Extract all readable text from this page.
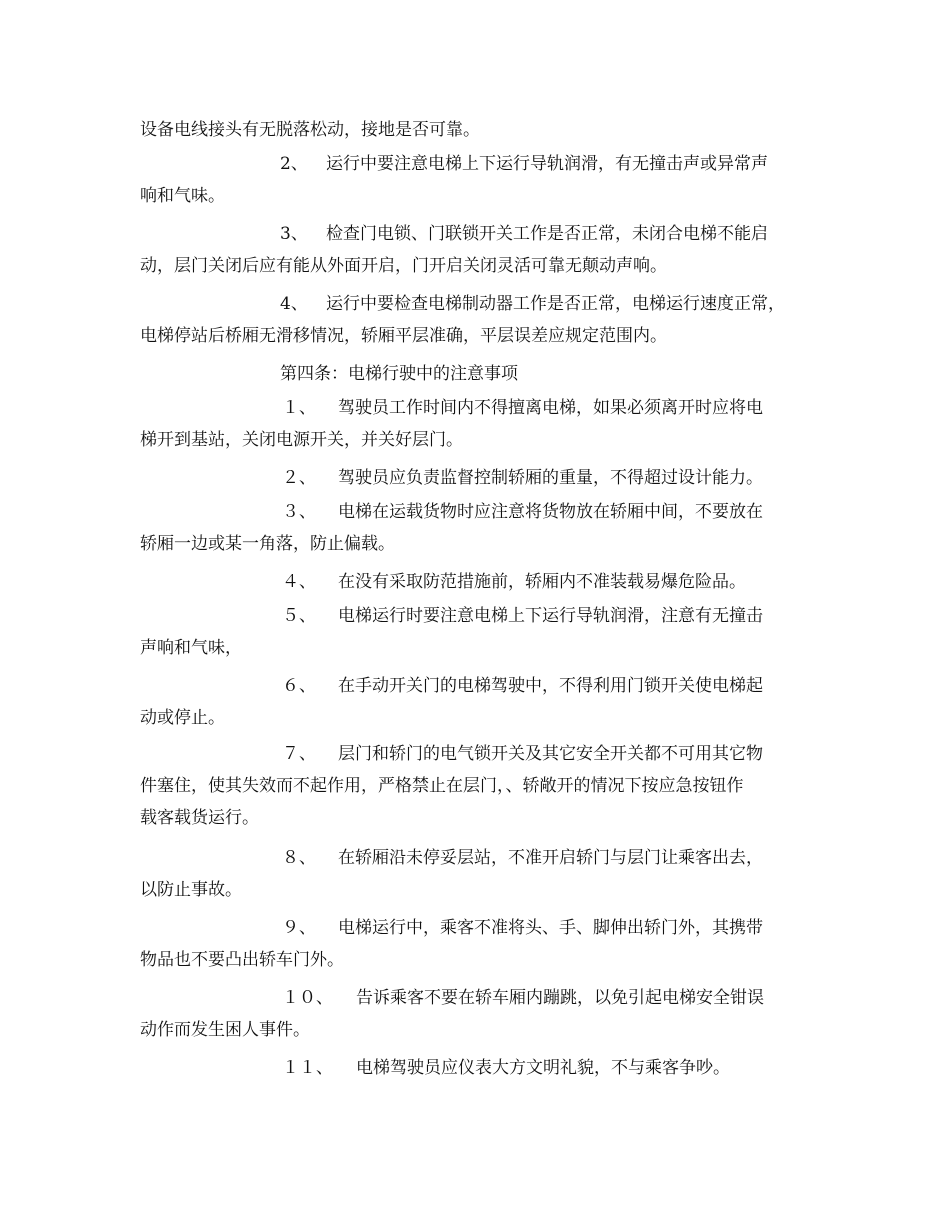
设备电线接头有无脱落松动，接地是否可靠。

2、 运行中要注意电梯上下运行导轨润滑，有无撞击声或异常声
响和气味。

3、 检查门电锁、门联锁开关工作是否正常，未闭合电梯不能启
动，层门关闭后应有能从外面开启，门开启关闭灵活可靠无颠动声响。

4、 运行中要检查电梯制动器工作是否正常，电梯运行速度正常，
电梯停站后桥厢无滑移情况，轿厢平层准确，平层误差应规定范围内。

第四条：电梯行驶中的注意事项

１、 驾驶员工作时间内不得擅离电梯，如果必须离开时应将电
梯开到基站，关闭电源开关，并关好层门。

２、 驾驶员应负责监督控制轿厢的重量，不得超过设计能力。

３、 电梯在运载货物时应注意将货物放在轿厢中间，不要放在
轿厢一边或某一角落，防止偏载。

４、 在没有采取防范措施前，轿厢内不准装载易爆危险品。

５、 电梯运行时要注意电梯上下运行导轨润滑，注意有无撞击
声响和气味，

６、 在手动开关门的电梯驾驶中，不得利用门锁开关使电梯起
动或停止。

７、 层门和轿门的电气锁开关及其它安全开关都不可用其它物
件塞住，使其失效而不起作用，严格禁止在层门，、轿敞开的情况下按应急按钮作
载客载货运行。

８、 在轿厢沿未停妥层站，不准开启轿门与层门让乘客出去，
以防止事故。

９、 电梯运行中，乘客不准将头、手、脚伸出轿门外，其携带
物品也不要凸出轿车门外。

１０、 告诉乘客不要在轿车厢内蹦跳，以免引起电梯安全钳误
动作而发生困人事件。

１１、 电梯驾驶员应仪表大方文明礼貌，不与乘客争吵。
